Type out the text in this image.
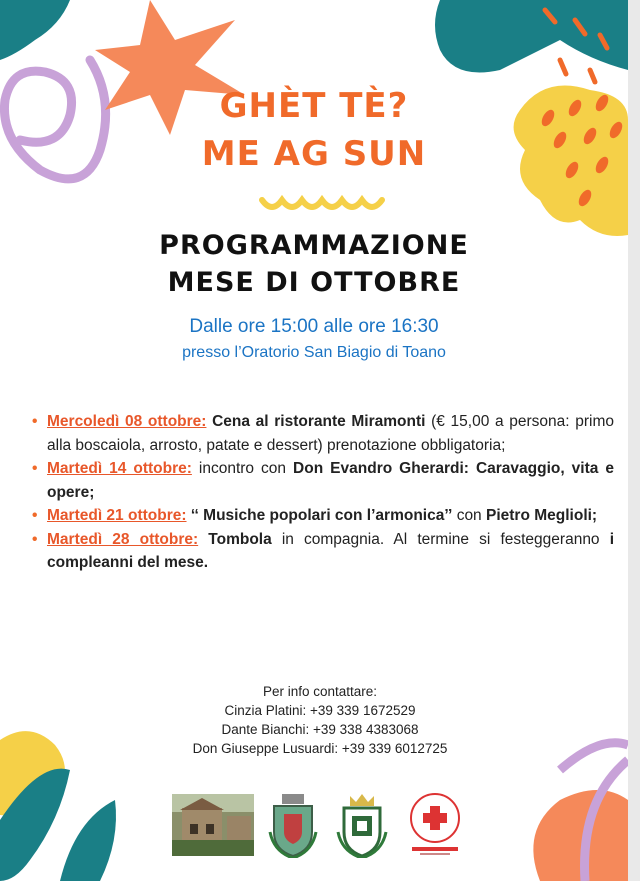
GHÈT TÈ?
ME AG SUN
PROGRAMMAZIONE
MESE DI OTTOBRE
Dalle ore 15:00 alle ore 16:30
presso l’Oratorio San Biagio di Toano
• Mercoledì 08 ottobre: Cena al ristorante Miramonti (€ 15,00 a persona: primo alla boscaiola, arrosto, patate e dessert) prenotazione obbligatoria;
• Martedì 14 ottobre: incontro con Don Evandro Gherardi: Caravaggio, vita e opere;
• Martedì 21 ottobre: ‘‘ Musiche popolari con l’armonica’’ con Pietro Meglioli;
• Martedì 28 ottobre: Tombola in compagnia. Al termine si festeggeranno i compleanni del mese.
Per info contattare:
Cinzia Platini: +39 339 1672529
Dante Bianchi: +39 338 4383068
Don Giuseppe Lusuardi: +39 339 6012725
